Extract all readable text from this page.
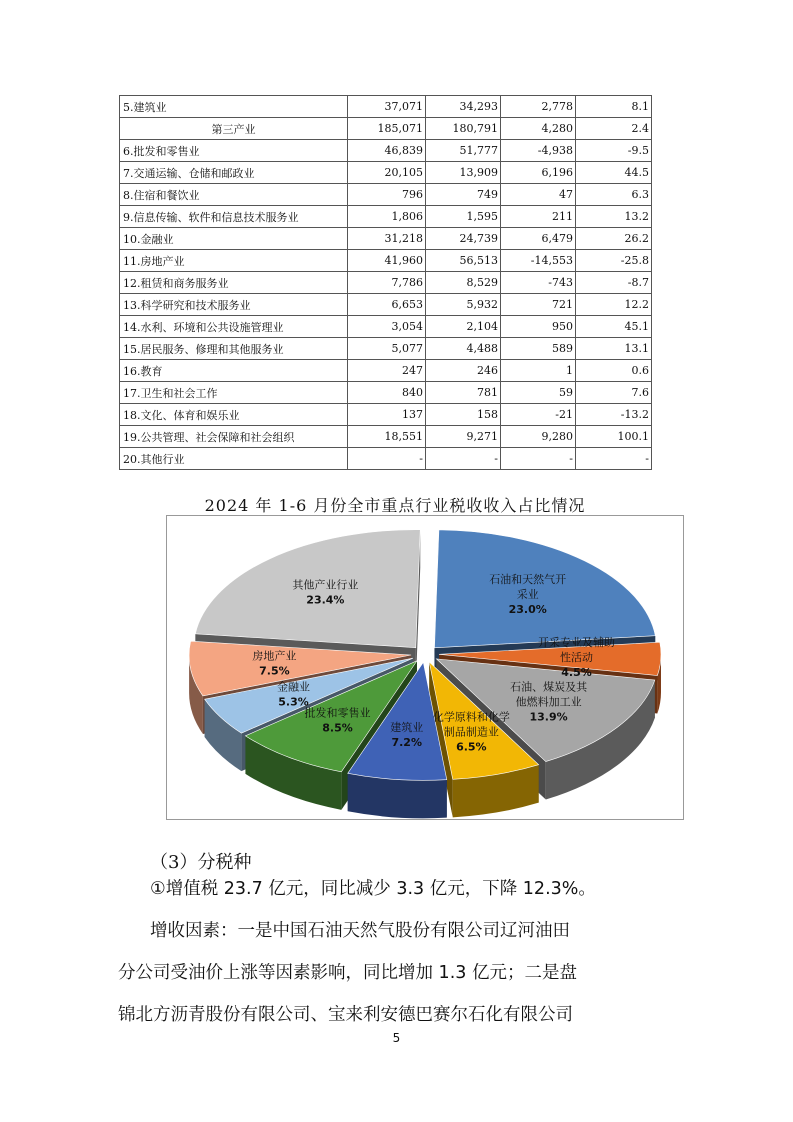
5.建筑业	37,071	34,293	2,778	8.1
第三产业	185,071	180,791	4,280	2.4
6.批发和零售业	46,839	51,777	-4,938	-9.5
7.交通运输、仓储和邮政业	20,105	13,909	6,196	44.5
8.住宿和餐饮业	796	749	47	6.3
9.信息传输、软件和信息技术服务业	1,806	1,595	211	13.2
10.金融业	31,218	24,739	6,479	26.2
11.房地产业	41,960	56,513	-14,553	-25.8
12.租赁和商务服务业	7,786	8,529	-743	-8.7
13.科学研究和技术服务业	6,653	5,932	721	12.2
14.水利、环境和公共设施管理业	3,054	2,104	950	45.1
15.居民服务、修理和其他服务业	5,077	4,488	589	13.1
16.教育	247	246	1	0.6
17.卫生和社会工作	840	781	59	7.6
18.文化、体育和娱乐业	137	158	-21	-13.2
19.公共管理、社会保障和社会组织	18,551	9,271	9,280	100.1
20.其他行业	-	-	-	-
2024 年 1-6 月份全市重点行业税收收入占比情况
石油和天然气开
采业
23.0%
开采专业及辅助
性活动
4.5%
石油、煤炭及其
他燃料加工业
13.9%
化学原料和化学
制品制造业
6.5%
建筑业
7.2%
批发和零售业
8.5%
金融业
5.3%
房地产业
7.5%
其他产业行业
23.4%
（3）分税种

①增值税 23.7 亿元，同比减少 3.3 亿元，下降 12.3%。

增收因素：一是中国石油天然气股份有限公司辽河油田

分公司受油价上涨等因素影响，同比增加 1.3 亿元；二是盘

锦北方沥青股份有限公司、宝来利安德巴赛尔石化有限公司

5
